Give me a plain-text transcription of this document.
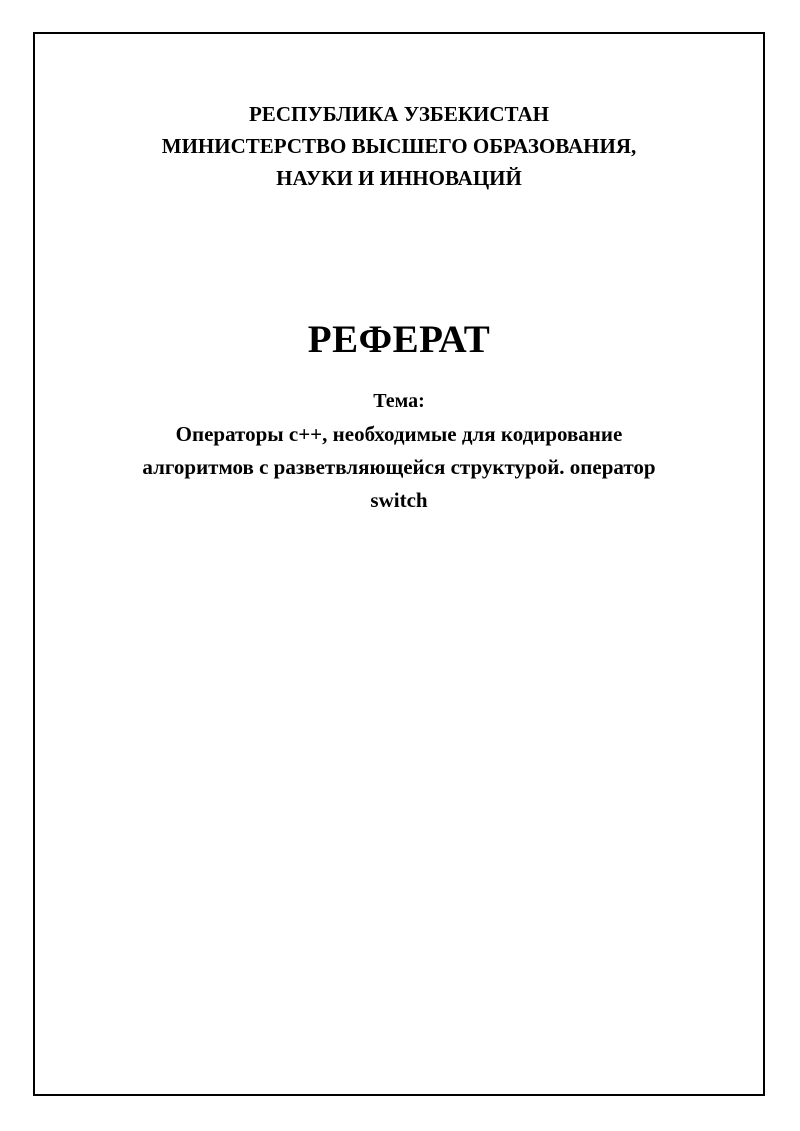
РЕСПУБЛИКА УЗБЕКИСТАН
МИНИСТЕРСТВО ВЫСШЕГО ОБРАЗОВАНИЯ,
НАУКИ И ИННОВАЦИЙ
РЕФЕРАТ
Тема:
Операторы c++, необходимые для кодирование
алгоритмов с разветвляющейся структурой. оператор
switch
